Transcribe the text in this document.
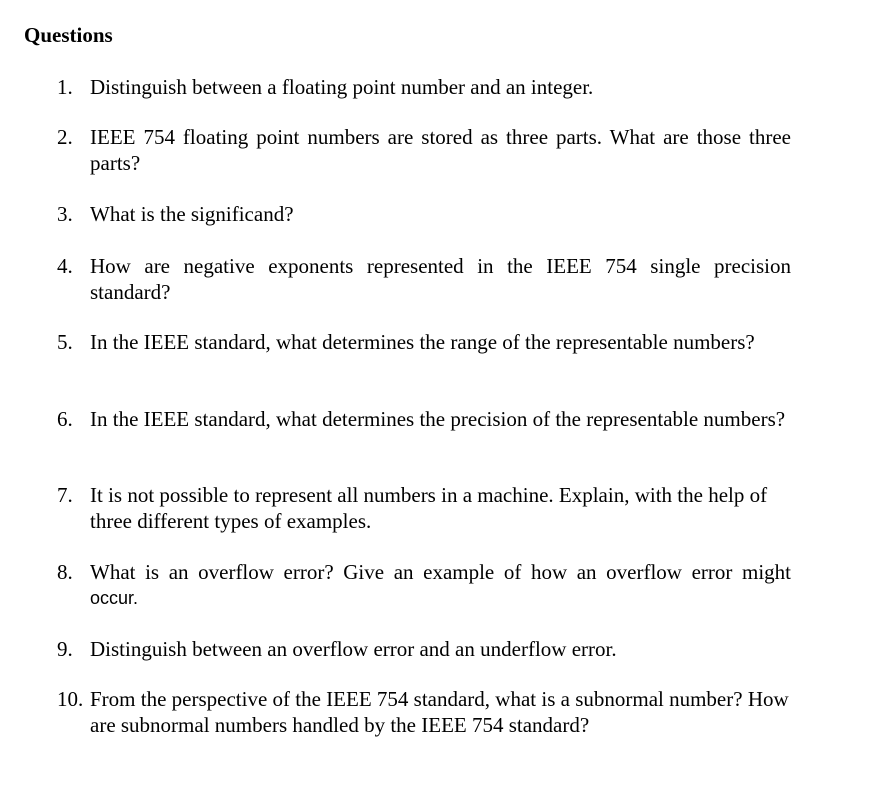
Questions
1. Distinguish between a floating point number and an integer.
2. IEEE 754 floating point numbers are stored as three parts. What are those three parts?
3. What is the significand?
4. How are negative exponents represented in the IEEE 754 single precision standard?
5. In the IEEE standard, what determines the range of the representable numbers?
6. In the IEEE standard, what determines the precision of the representable numbers?
7. It is not possible to represent all numbers in a machine. Explain, with the help of three different types of examples.
8. What is an overflow error? Give an example of how an overflow error might
occur.
9. Distinguish between an overflow error and an underflow error.
10. From the perspective of the IEEE 754 standard, what is a subnormal number? How are subnormal numbers handled by the IEEE 754 standard?
